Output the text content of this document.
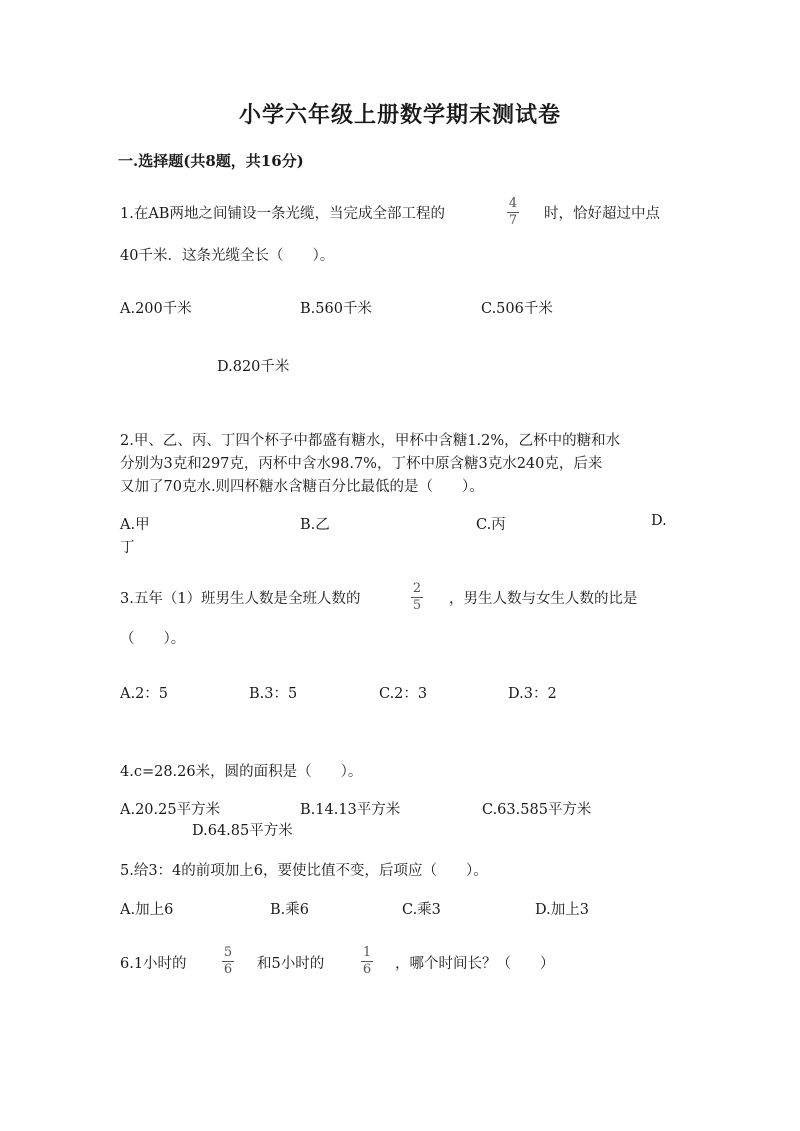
小学六年级上册数学期末测试卷
一.选择题(共8题，共16分)
1.在AB两地之间铺设一条光缆，当完成全部工程的
4
7 时，恰好超过中点
40千米．这条光缆全长（　　）。
A.200千米	B.560千米	C.506千米
D.820千米
2.甲、乙、丙、丁四个杯子中都盛有糖水，甲杯中含糖1.2%，乙杯中的糖和水
分别为3克和297克，丙杯中含水98.7%，丁杯中原含糖3克水240克，后来
又加了70克水.则四杯糖水含糖百分比最低的是（　　）。
A.甲	B.乙	C.丙	D.
丁
3.五年（1）班男生人数是全班人数的
2
5 ，男生人数与女生人数的比是
（　　）。
A.2：5	B.3：5	C.2：3	D.3：2
4.c=28.26米，圆的面积是（　　）。
A.20.25平方米	B.14.13平方米	C.63.585平方米
D.64.85平方米
5.给3：4的前项加上6，要使比值不变，后项应（　　）。
A.加上6	B.乘6	C.乘3	D.加上3
6.1小时的
5
6 和5小时的
1
6 ，哪个时间长？（　　）
